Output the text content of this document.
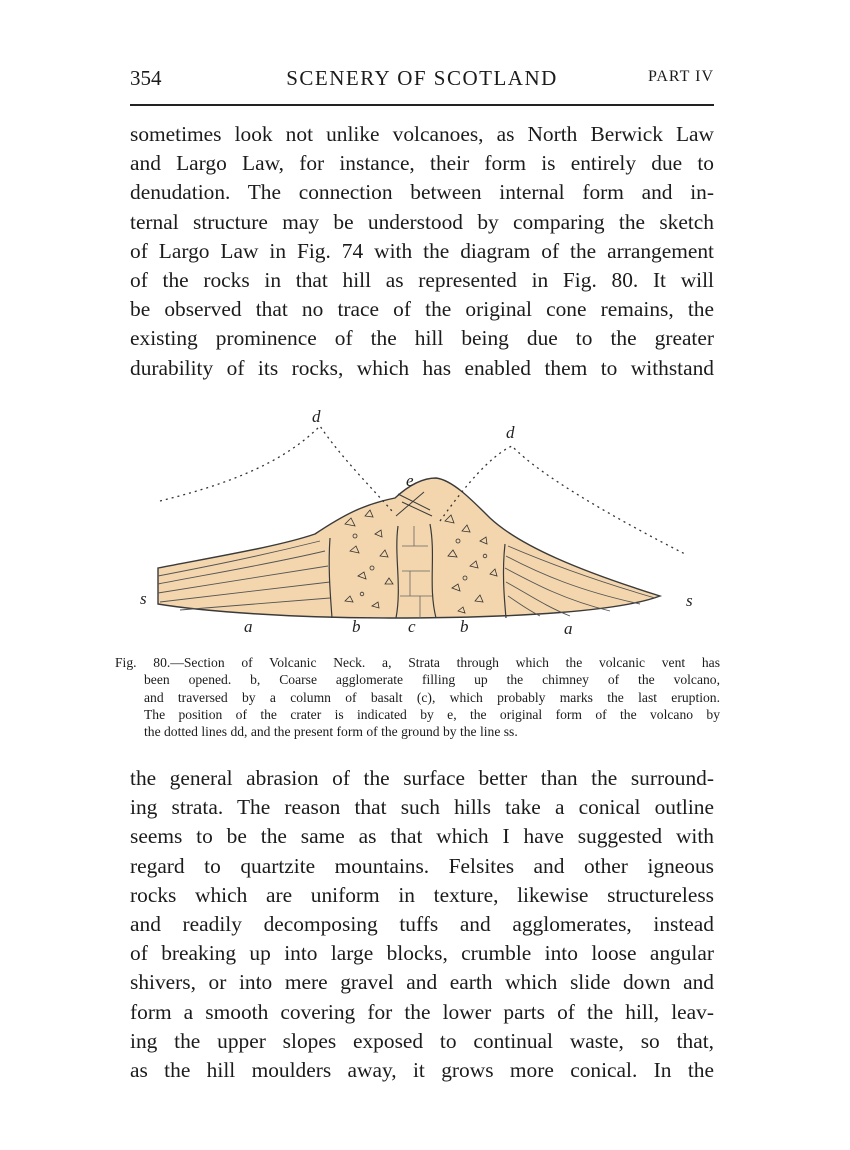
354	SCENERY OF SCOTLAND	PART IV

sometimes look not unlike volcanoes, as North Berwick Law

and Largo Law, for instance, their form is entirely due to

denudation. The connection between internal form and in-

ternal structure may be understood by comparing the sketch

of Largo Law in Fig. 74 with the diagram of the arrangement

of the rocks in that hill as represented in Fig. 80. It will

be observed that no trace of the original cone remains, the

existing prominence of the hill being due to the greater

durability of its rocks, which has enabled them to withstand

d
d
e
s	s
a	b	c	b	a

Fig. 80.—Section of Volcanic Neck. a, Strata through which the volcanic vent has

been opened. b, Coarse agglomerate filling up the chimney of the volcano,

and traversed by a column of basalt (c), which probably marks the last eruption.

The position of the crater is indicated by e, the original form of the volcano by

the dotted lines dd, and the present form of the ground by the line ss.

the general abrasion of the surface better than the surround-

ing strata. The reason that such hills take a conical outline

seems to be the same as that which I have suggested with

regard to quartzite mountains. Felsites and other igneous

rocks which are uniform in texture, likewise structureless

and readily decomposing tuffs and agglomerates, instead

of breaking up into large blocks, crumble into loose angular

shivers, or into mere gravel and earth which slide down and

form a smooth covering for the lower parts of the hill, leav-

ing the upper slopes exposed to continual waste, so that,

as the hill moulders away, it grows more conical. In the
